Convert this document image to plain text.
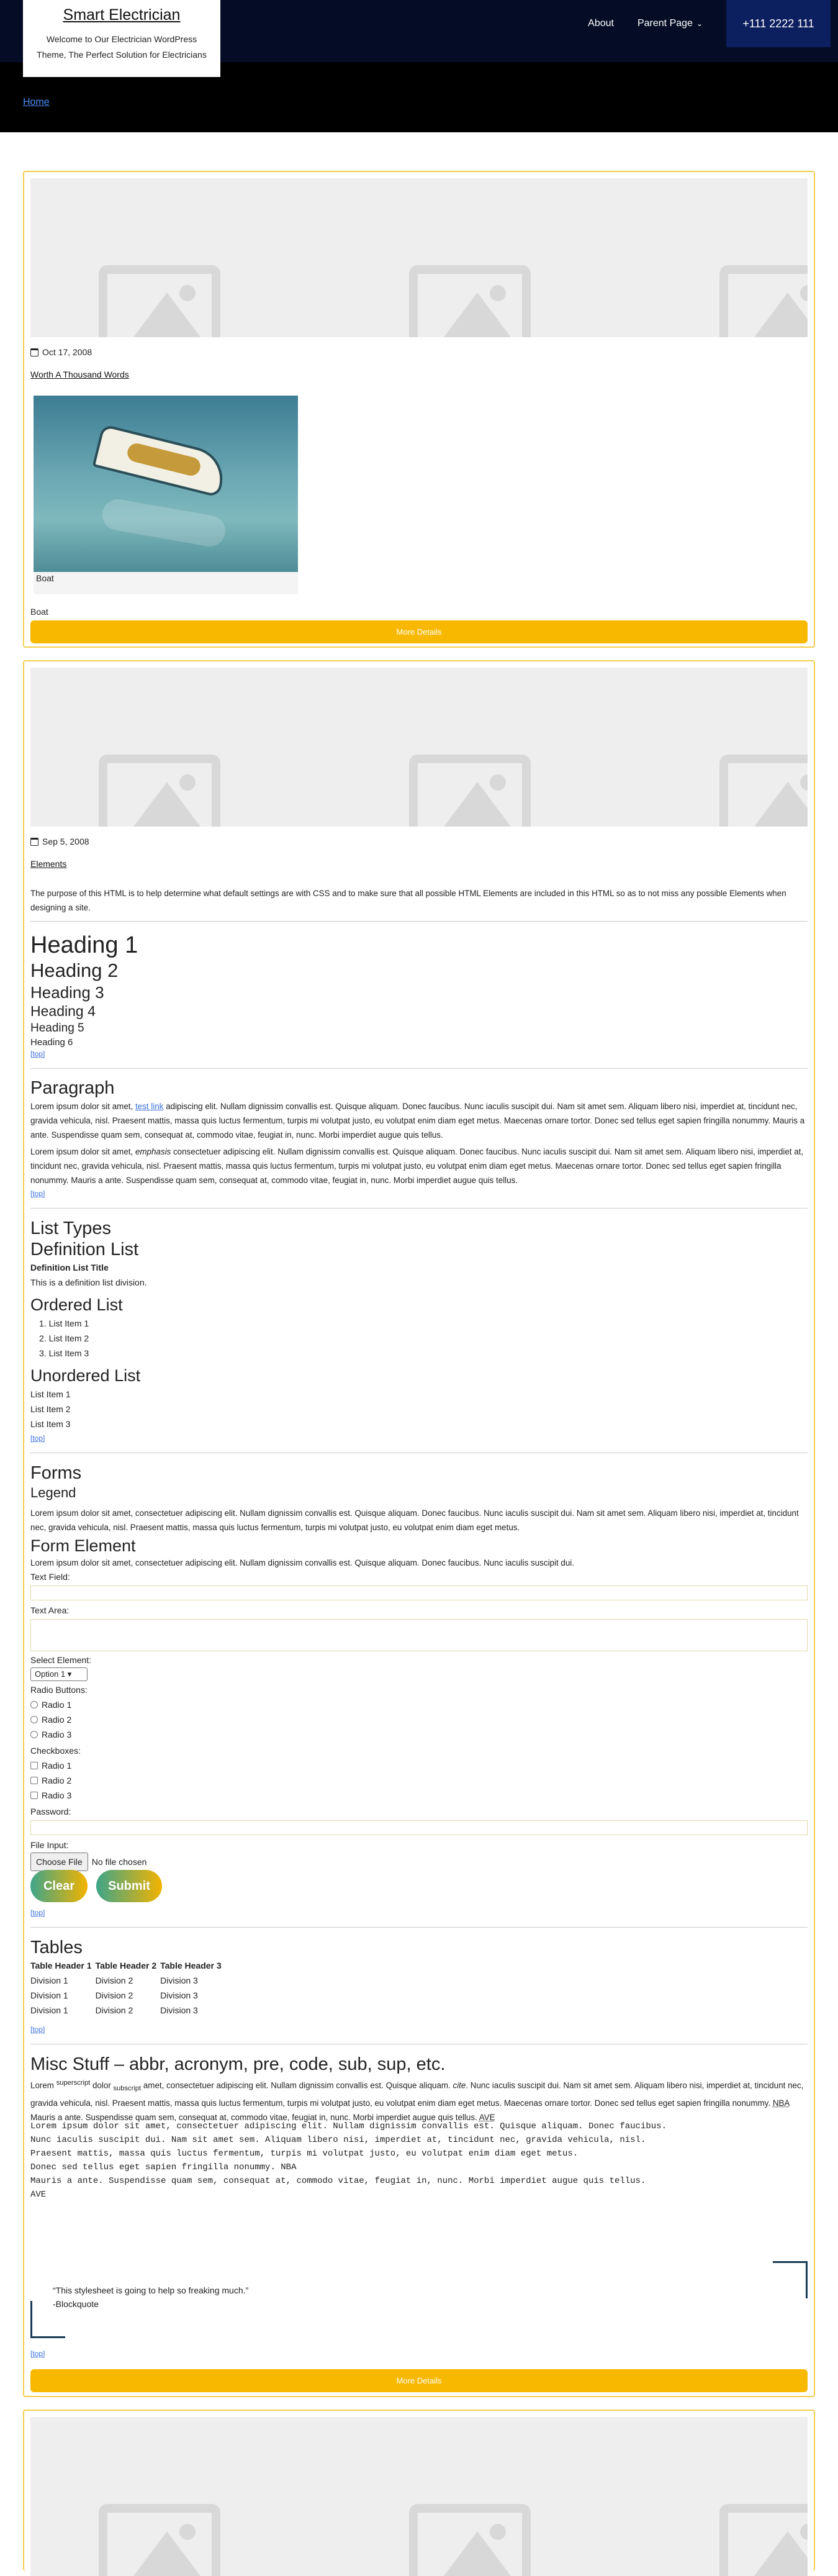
About Parent Page ⌄	+111 2222 111
Smart Electrician
Welcome to Our Electrician WordPress Theme, The Perfect Solution for Electricians
Home
Oct 17, 2008
Worth A Thousand Words
Boat
Boat
More Details
Sep 5, 2008
Elements
The purpose of this HTML is to help determine what default settings are with CSS and to make sure that all possible HTML Elements are included in this HTML so as to not miss any possible Elements when designing a site.
Heading 1
Heading 2
Heading 3
Heading 4
Heading 5
Heading 6
[top]
Paragraph
Lorem ipsum dolor sit amet, test link adipiscing elit. Nullam dignissim convallis est. Quisque aliquam. Donec faucibus. Nunc iaculis suscipit dui. Nam sit amet sem. Aliquam libero nisi, imperdiet at, tincidunt nec, gravida vehicula, nisl. Praesent mattis, massa quis luctus fermentum, turpis mi volutpat justo, eu volutpat enim diam eget metus. Maecenas ornare tortor. Donec sed tellus eget sapien fringilla nonummy. Mauris a ante. Suspendisse quam sem, consequat at, commodo vitae, feugiat in, nunc. Morbi imperdiet augue quis tellus.
Lorem ipsum dolor sit amet, emphasis consectetuer adipiscing elit. Nullam dignissim convallis est. Quisque aliquam. Donec faucibus. Nunc iaculis suscipit dui. Nam sit amet sem. Aliquam libero nisi, imperdiet at, tincidunt nec, gravida vehicula, nisl. Praesent mattis, massa quis luctus fermentum, turpis mi volutpat justo, eu volutpat enim diam eget metus. Maecenas ornare tortor. Donec sed tellus eget sapien fringilla nonummy. Mauris a ante. Suspendisse quam sem, consequat at, commodo vitae, feugiat in, nunc. Morbi imperdiet augue quis tellus.
[top]
List Types
Definition List
Definition List Title
This is a definition list division.
Ordered List
1. List Item 1
2. List Item 2
3. List Item 3
Unordered List
List Item 1
List Item 2
List Item 3
[top]
Forms
Legend
Lorem ipsum dolor sit amet, consectetuer adipiscing elit. Nullam dignissim convallis est. Quisque aliquam. Donec faucibus. Nunc iaculis suscipit dui. Nam sit amet sem. Aliquam libero nisi, imperdiet at, tincidunt nec, gravida vehicula, nisl. Praesent mattis, massa quis luctus fermentum, turpis mi volutpat justo, eu volutpat enim diam eget metus.
Form Element
Lorem ipsum dolor sit amet, consectetuer adipiscing elit. Nullam dignissim convallis est. Quisque aliquam. Donec faucibus. Nunc iaculis suscipit dui.
Text Field:
Text Area:
Select Element:
Option 1 ▾
Radio Buttons:
Radio 1
Radio 2
Radio 3
Checkboxes:
Radio 1
Radio 2
Radio 3
Password:
File Input:
Choose File No file chosen
Clear	Submit
[top]
Tables
Table Header 1	Table Header 2	Table Header 3
Division 1	Division 2	Division 3
Division 1	Division 2	Division 3
Division 1	Division 2	Division 3
[top]
Misc Stuff – abbr, acronym, pre, code, sub, sup, etc.
Lorem $^{superscript}$ dolor $_{subscript}$ amet, consectetuer adipiscing elit. Nullam dignissim convallis est. Quisque aliquam. cite. Nunc iaculis suscipit dui. Nam sit amet sem. Aliquam libero nisi, imperdiet at, tincidunt nec, gravida vehicula, nisl. Praesent mattis, massa quis luctus fermentum, turpis mi volutpat justo, eu volutpat enim diam eget metus. Maecenas ornare tortor. Donec sed tellus eget sapien fringilla nonummy. NBA Mauris a ante. Suspendisse quam sem, consequat at, commodo vitae, feugiat in, nunc. Morbi imperdiet augue quis tellus. AVE
Lorem ipsum dolor sit amet, consectetuer adipiscing elit. Nullam dignissim convallis est. Quisque aliquam. Donec faucibus.
Nunc iaculis suscipit dui. Nam sit amet sem. Aliquam libero nisi, imperdiet at, tincidunt nec, gravida vehicula, nisl.
Praesent mattis, massa quis luctus fermentum, turpis mi volutpat justo, eu volutpat enim diam eget metus.
Donec sed tellus eget sapien fringilla nonummy. NBA
Mauris a ante. Suspendisse quam sem, consequat at, commodo vitae, feugiat in, nunc. Morbi imperdiet augue quis tellus.
AVE
“This stylesheet is going to help so freaking much.”
-Blockquote
[top]
More Details
